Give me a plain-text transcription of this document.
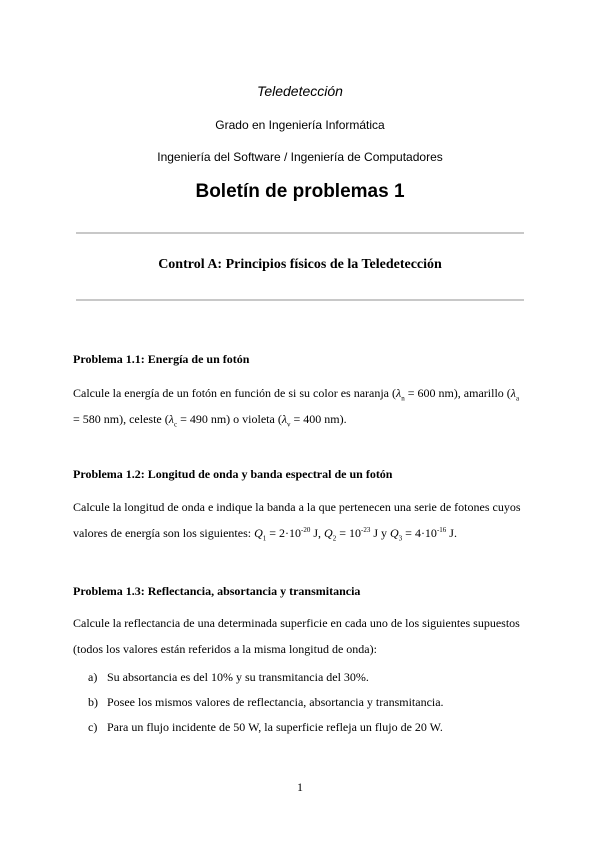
Teledetección
Grado en Ingeniería Informática
Ingeniería del Software / Ingeniería de Computadores
Boletín de problemas 1
Control A: Principios físicos de la Teledetección
Problema 1.1: Energía de un fotón
Calcule la energía de un fotón en función de si su color es naranja ($\lambda_n = 600$ nm), amarillo ($\lambda_a$
= 580 nm), celeste ($\lambda_c = 490$ nm) o violeta ($\lambda_v = 400$ nm).
Problema 1.2: Longitud de onda y banda espectral de un fotón
Calcule la longitud de onda e indique la banda a la que pertenecen una serie de fotones cuyos
valores de energía son los siguientes: $Q_1 = 2\cdot 10^{-20}$ J, $Q_2 = 10^{-23}$ J y $Q_3 = 4\cdot 10^{-16}$ J.
Problema 1.3: Reflectancia, absortancia y transmitancia
Calcule la reflectancia de una determinada superficie en cada uno de los siguientes supuestos
(todos los valores están referidos a la misma longitud de onda):
a) Su absortancia es del 10% y su transmitancia del 30%.
b) Posee los mismos valores de reflectancia, absortancia y transmitancia.
c) Para un flujo incidente de 50 W, la superficie refleja un flujo de 20 W.
1
